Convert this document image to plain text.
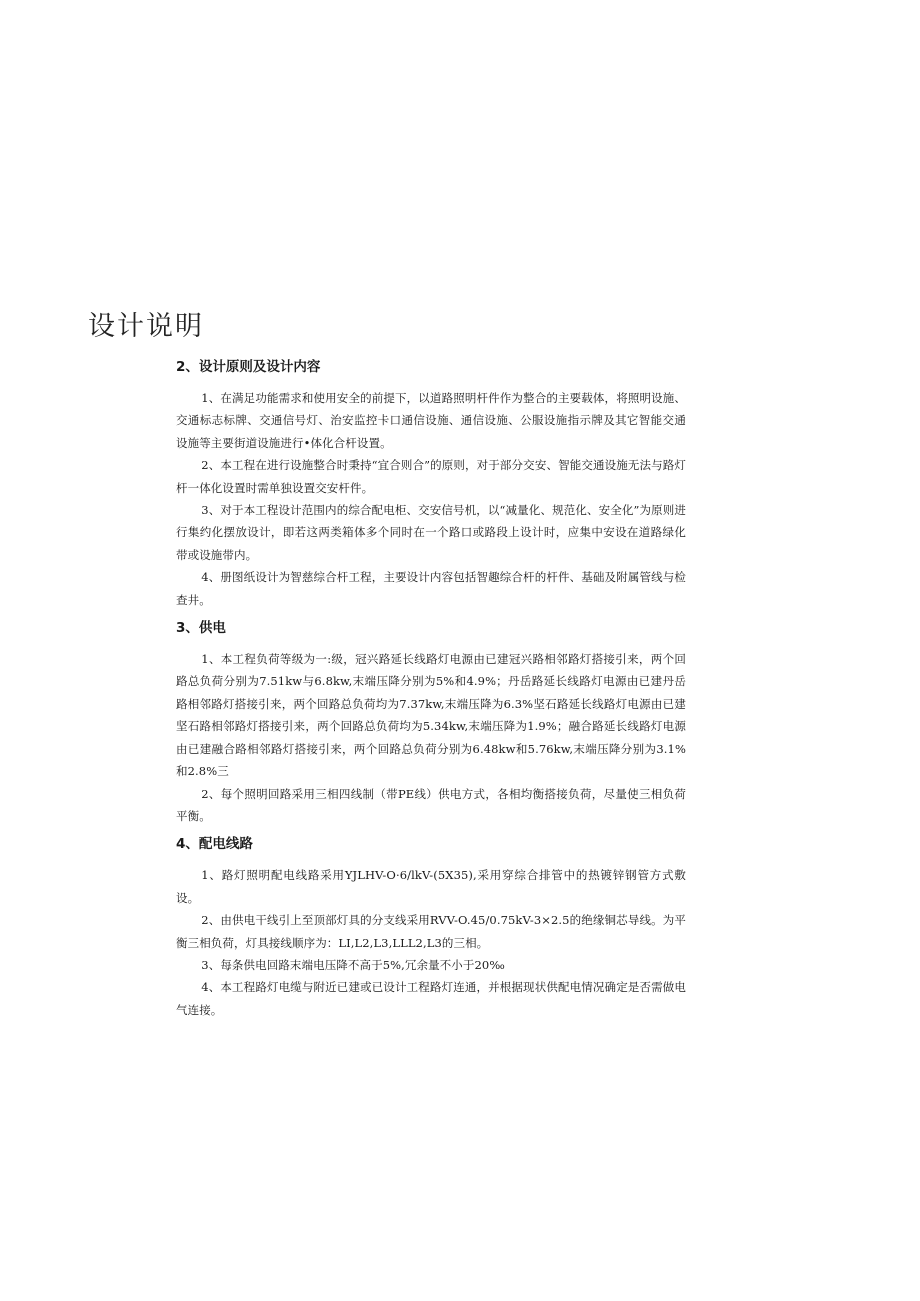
设计说明
2、设计原则及设计内容

1、在满足功能需求和使用安全的前提下，以道路照明杆件作为整合的主要载体，将照明设施、交通标志标牌、交通信号灯、治安监控卡口通信设施、通信设施、公服设施指示牌及其它智能交通设施等主要街道设施进行•体化合杆设置。

2、本工程在进行设施整合时秉持“宜合则合”的原则，对于部分交安、智能交通设施无法与路灯杆一体化设置时需单独设置交安杆件。

3、对于本工程设计范围内的综合配电柜、交安信号机，以“减量化、规范化、安全化”为原则进行集约化摆放设计，即若这两类箱体多个同时在一个路口或路段上设计时，应集中安设在道路绿化带或设施带内。

4、册图纸设计为智慈综合杆工程，主要设计内容包括智趣综合杆的杆件、基础及附属管线与检查井。

3、供电

1、本工程负荷等级为一:级，冠兴路延长线路灯电源由已建冠兴路相邻路灯搭接引来，两个回路总负荷分别为7.51kw与6.8kw,末端压降分别为5%和4.9%；丹岳路延长线路灯电源由已建丹岳路相邻路灯搭接引来，两个回路总负荷均为7.37kw,末端压降为6.3%坚石路延长线路灯电源由已建坚石路相邻路灯搭接引来，两个回路总负荷均为5.34kw,末端压降为1.9%；融合路延长线路灯电源由已建融合路相邻路灯搭接引来，两个回路总负荷分别为6.48kw和5.76kw,末端压降分别为3.1%和2.8%三

2、每个照明回路采用三相四线制（带PE线）供电方式，各相均衡搭接负荷，尽量使三相负荷平衡。

4、配电线路

1、路灯照明配电线路采用YJLHV-O·6∕lkV-(5X35),采用穿综合排管中的热镀锌钢管方式敷设。

2、由供电干线引上至顶部灯具的分支线采用RVV-O.45/0.75kV-3×2.5的绝缘铜芯导线。为平衡三相负荷，灯具接线顺序为：LI,L2,L3,LLL2,L3的三相。

3、每条供电回路末端电压降不高于5%,冗余量不小于20‰

4、本工程路灯电缆与附近已建或已设计工程路灯连通，并根据现状供配电情况确定是否需做电气连接。
